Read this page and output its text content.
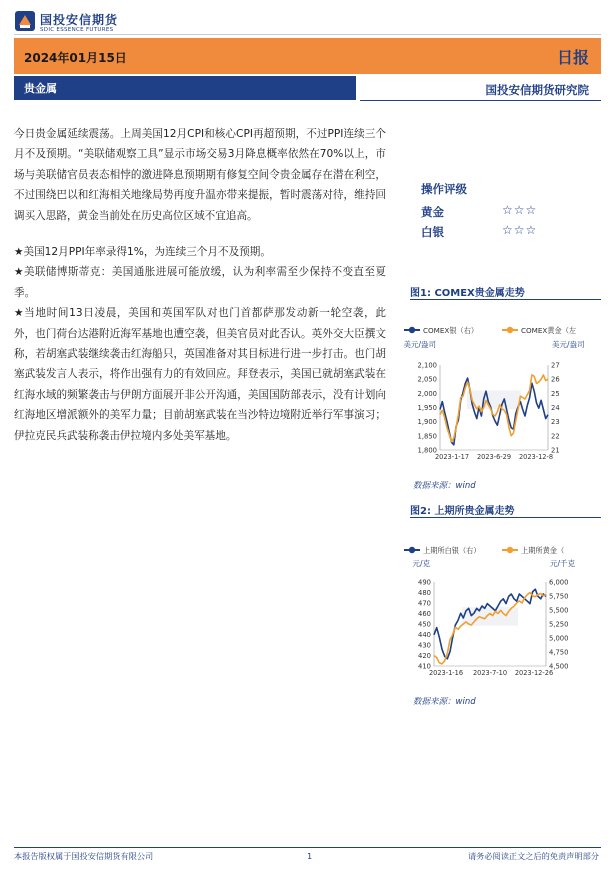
国投安信期货
SDIC ESSENCE FUTURES
2024年01月15日	日报
贵金属	国投安信期货研究院

今日贵金属延续震荡。上周美国12月CPI和核心CPI再超预期，不过PPI连续三个月不及预期。“美联储观察工具”显示市场交易3月降息概率依然在70%以上，市场与美联储官员表态相悖的激进降息预期期有修复空间令贵金属存在潜在利空，不过围绕巴以和红海相关地缘局势再度升温亦带来提振，暂时震荡对待，维持回调买入思路，黄金当前处在历史高位区域不宜追高。

★美国12月PPI年率录得1%，为连续三个月不及预期。

★美联储博斯蒂克：美国通胀进展可能放缓，认为利率需至少保持不变直至夏季。

★当地时间13日凌晨，美国和英国军队对也门首都萨那发动新一轮空袭，此外，也门荷台达港附近海军基地也遭空袭，但美官员对此否认。英外交大臣撰文称，若胡塞武装继续袭击红海船只，英国准备对其目标进行进一步打击。也门胡塞武装发言人表示，将作出强有力的有效回应。拜登表示，美国已就胡塞武装在红海水域的频繁袭击与伊朗方面展开非公开沟通，美国国防部表示，没有计划向红海地区增派额外的美军力量；目前胡塞武装在当沙特边境附近举行军事演习；伊拉克民兵武装称袭击伊拉境内多处美军基地。

操作评级
黄金	☆☆☆
白银	☆☆☆
图1: COMEX贵金属走势
COMEX银（右）	COMEX黄金（左
美元/盎司	美元/盎司
2,100
2,050
2,000
1,950
1,900
1,850
1,800
27
26
25
24
23
22
21
2023-1-17 2023-6-29 2023-12-8
数据来源：wind
图2: 上期所贵金属走势
上期所白银（右）	上期所黄金（
元/克	元/千克
490
480
470
460
450
440
430
420
410
6,000
5,750
5,500
5,250
5,000
4,750
4,500
2023-1-16 2023-7-10 2023-12-26
数据来源：wind
本报告版权属于国投安信期货有限公司	1	请务必阅读正文之后的免责声明部分
